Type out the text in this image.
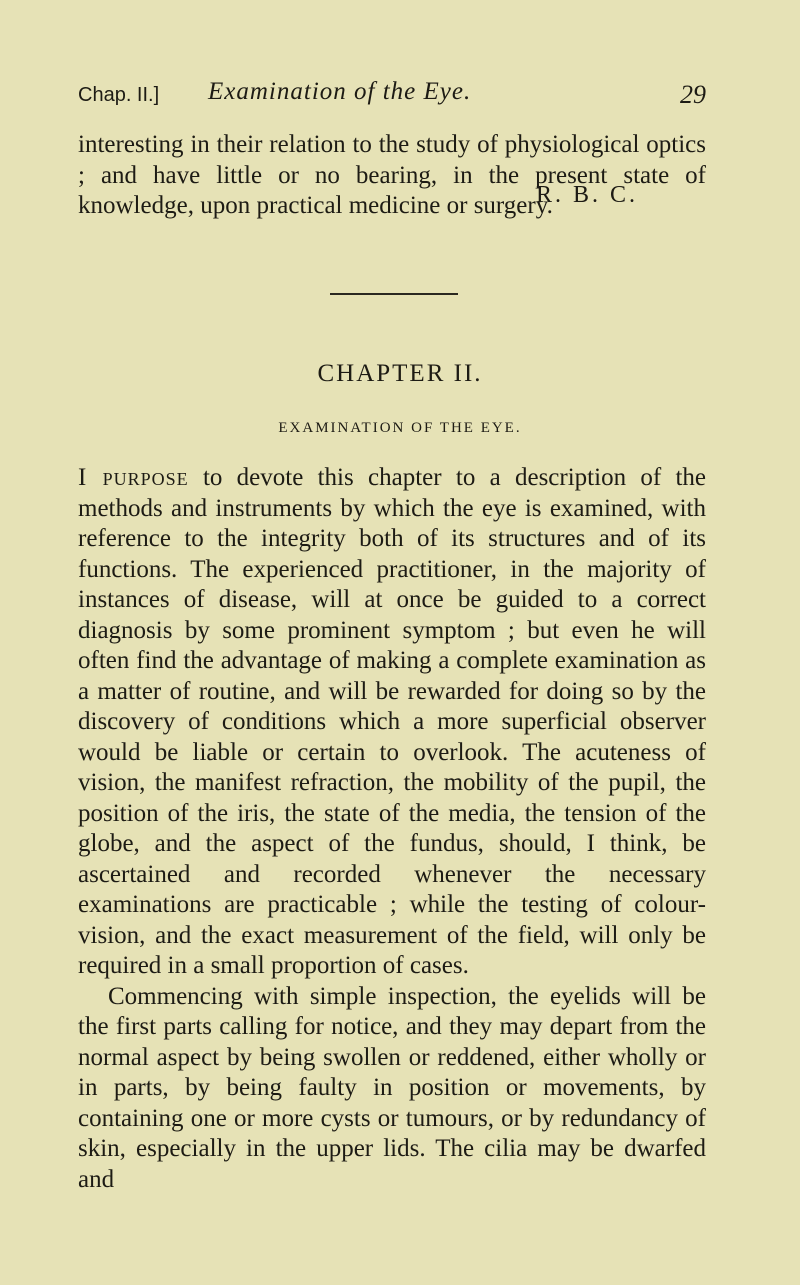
Chap. II.] Examination of the Eye.	29
interesting in their relation to the study of physiological optics ; and have little or no bearing, in the present state of knowledge, upon practical medicine or surgery.
R. B. C.
CHAPTER II.
EXAMINATION OF THE EYE.

I purpose to devote this chapter to a description of the methods and instruments by which the eye is examined, with reference to the integrity both of its structures and of its functions. The experienced practitioner, in the majority of instances of disease, will at once be guided to a correct diagnosis by some prominent symptom ; but even he will often find the advantage of making a complete examination as a matter of routine, and will be rewarded for doing so by the discovery of conditions which a more superficial observer would be liable or certain to overlook. The acuteness of vision, the manifest refraction, the mobility of the pupil, the position of the iris, the state of the media, the tension of the globe, and the aspect of the fundus, should, I think, be ascertained and recorded whenever the necessary examinations are practicable ; while the testing of colour-vision, and the exact measurement of the field, will only be required in a small proportion of cases.

Commencing with simple inspection, the eyelids will be the first parts calling for notice, and they may depart from the normal aspect by being swollen or reddened, either wholly or in parts, by being faulty in position or movements, by containing one or more cysts or tumours, or by redundancy of skin, especially in the upper lids. The cilia may be dwarfed and
